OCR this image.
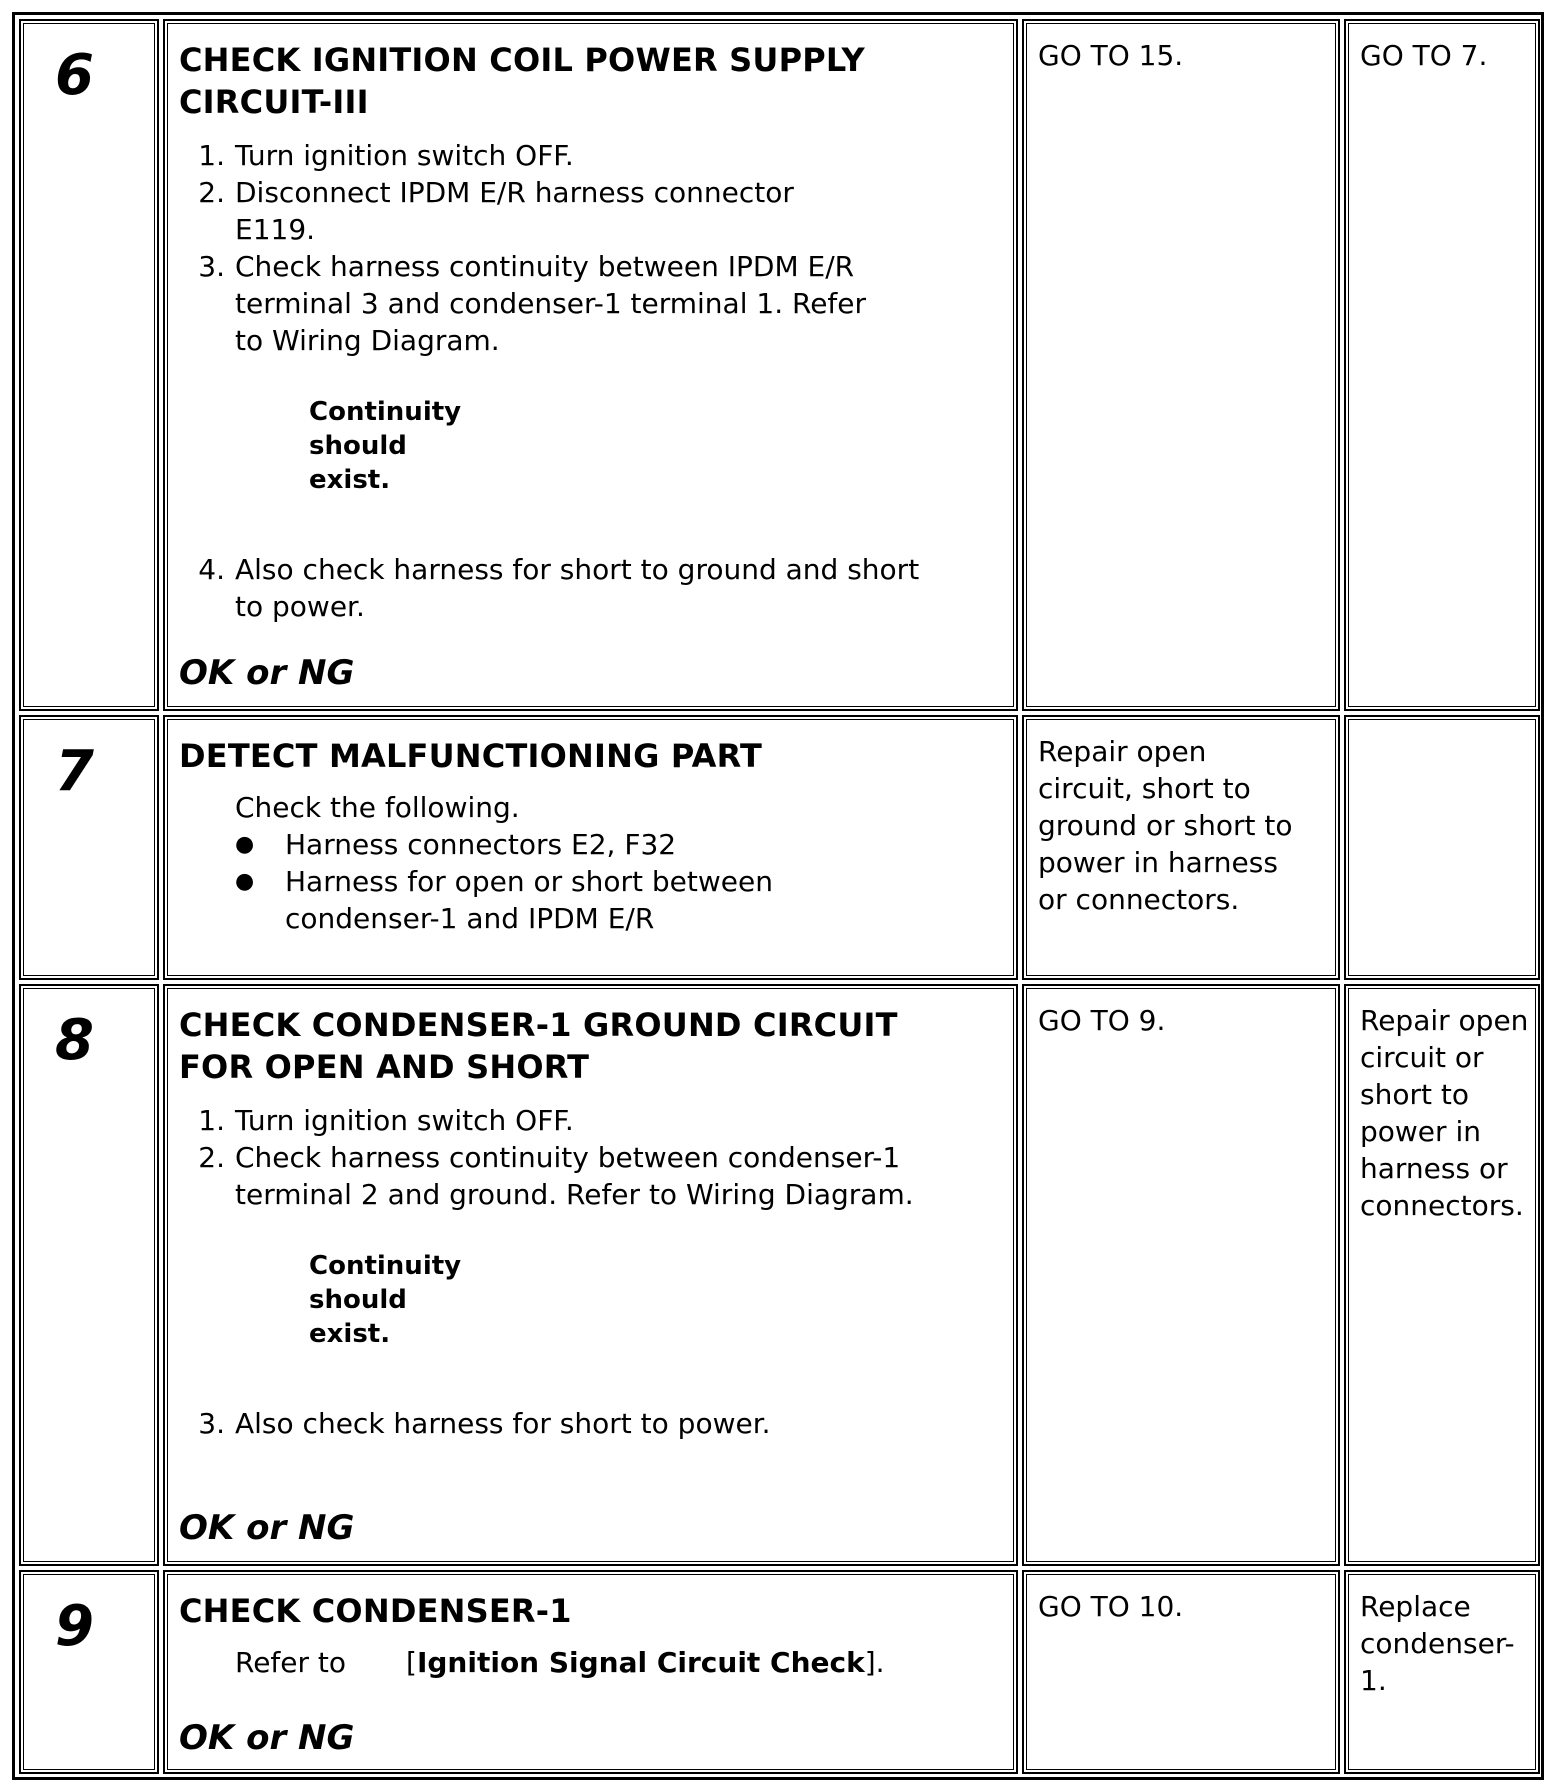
6	CHECK IGNITION COIL POWER SUPPLY CIRCUIT-III
1. Turn ignition switch OFF.
2. Disconnect IPDM E/R harness connector E119.
3. Check harness continuity between IPDM E/R terminal 3 and condenser-1 terminal 1. Refer to Wiring Diagram.
Continuity should exist.
4. Also check harness for short to ground and short to power.
OK or NG
GO TO 15.	GO TO 7.
7	DETECT MALFUNCTIONING PART
Check the following.
● Harness connectors E2, F32
● Harness for open or short between condenser-1 and IPDM E/R
Repair open circuit, short to ground or short to power in harness or connectors.
8	CHECK CONDENSER-1 GROUND CIRCUIT FOR OPEN AND SHORT
1. Turn ignition switch OFF.
2. Check harness continuity between condenser-1 terminal 2 and ground. Refer to Wiring Diagram.
Continuity should exist.
3. Also check harness for short to power.
OK or NG
GO TO 9.	Repair open circuit or short to power in harness or connectors.
9	CHECK CONDENSER-1
Refer to [Ignition Signal Circuit Check].
OK or NG
GO TO 10.	Replace condenser-1.
